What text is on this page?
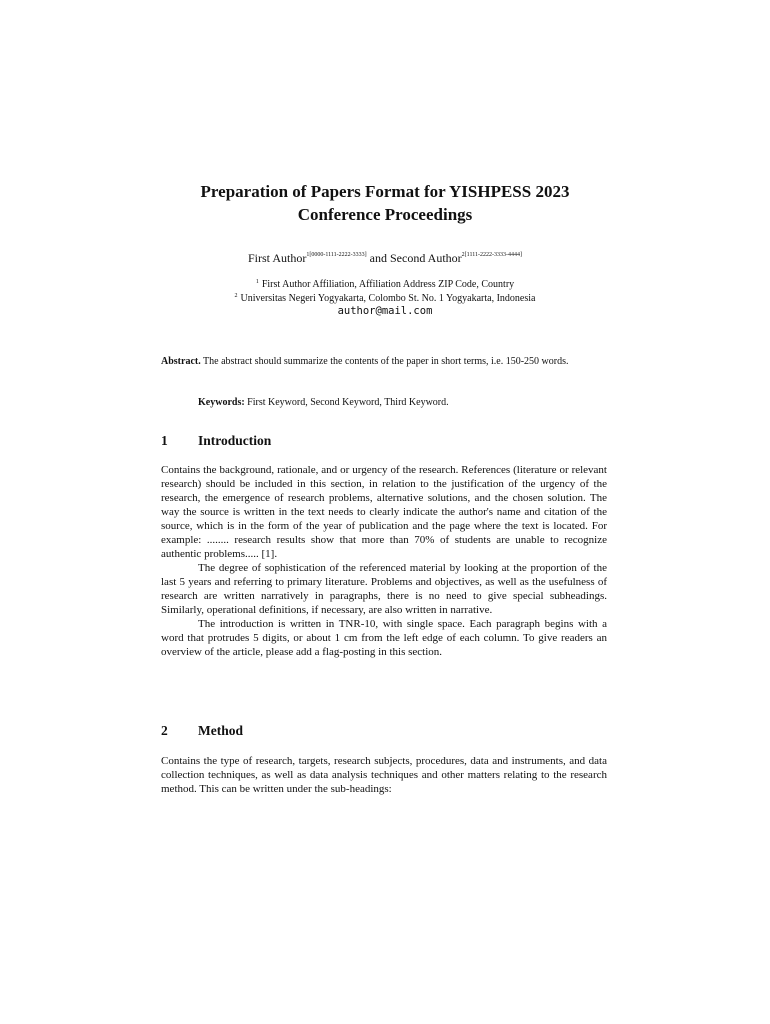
Preparation of Papers Format for YISHPESS 2023
Conference Proceedings
First Author$^{1[0000-1111-2222-3333]}$ and Second Author$^{2[1111-2222-3333-4444]}$
$^1$ First Author Affiliation, Affiliation Address ZIP Code, Country
$^2$ Universitas Negeri Yogyakarta, Colombo St. No. 1 Yogyakarta, Indonesia
author@mail.com
Abstract. The abstract should summarize the contents of the paper in short terms, i.e. 150-250 words.
Keywords: First Keyword, Second Keyword, Third Keyword.
1 Introduction

Contains the background, rationale, and or urgency of the research. References (literature or relevant research) should be included in this section, in relation to the justification of the urgency of the research, the emergence of research problems, alternative solutions, and the chosen solution. The way the source is written in the text needs to clearly indicate the author's name and citation of the source, which is in the form of the year of publication and the page where the text is located. For example: ........ research results show that more than 70% of students are unable to recognize authentic problems..... [1].

The degree of sophistication of the referenced material by looking at the proportion of the last 5 years and referring to primary literature. Problems and objectives, as well as the usefulness of research are written narratively in paragraphs, there is no need to give special subheadings. Similarly, operational definitions, if necessary, are also written in narrative.

The introduction is written in TNR-10, with single space. Each paragraph begins with a word that protrudes 5 digits, or about 1 cm from the left edge of each column. To give readers an overview of the article, please add a flag-posting in this section.

2 Method

Contains the type of research, targets, research subjects, procedures, data and instruments, and data collection techniques, as well as data analysis techniques and other matters relating to the research method. This can be written under the sub-headings:
